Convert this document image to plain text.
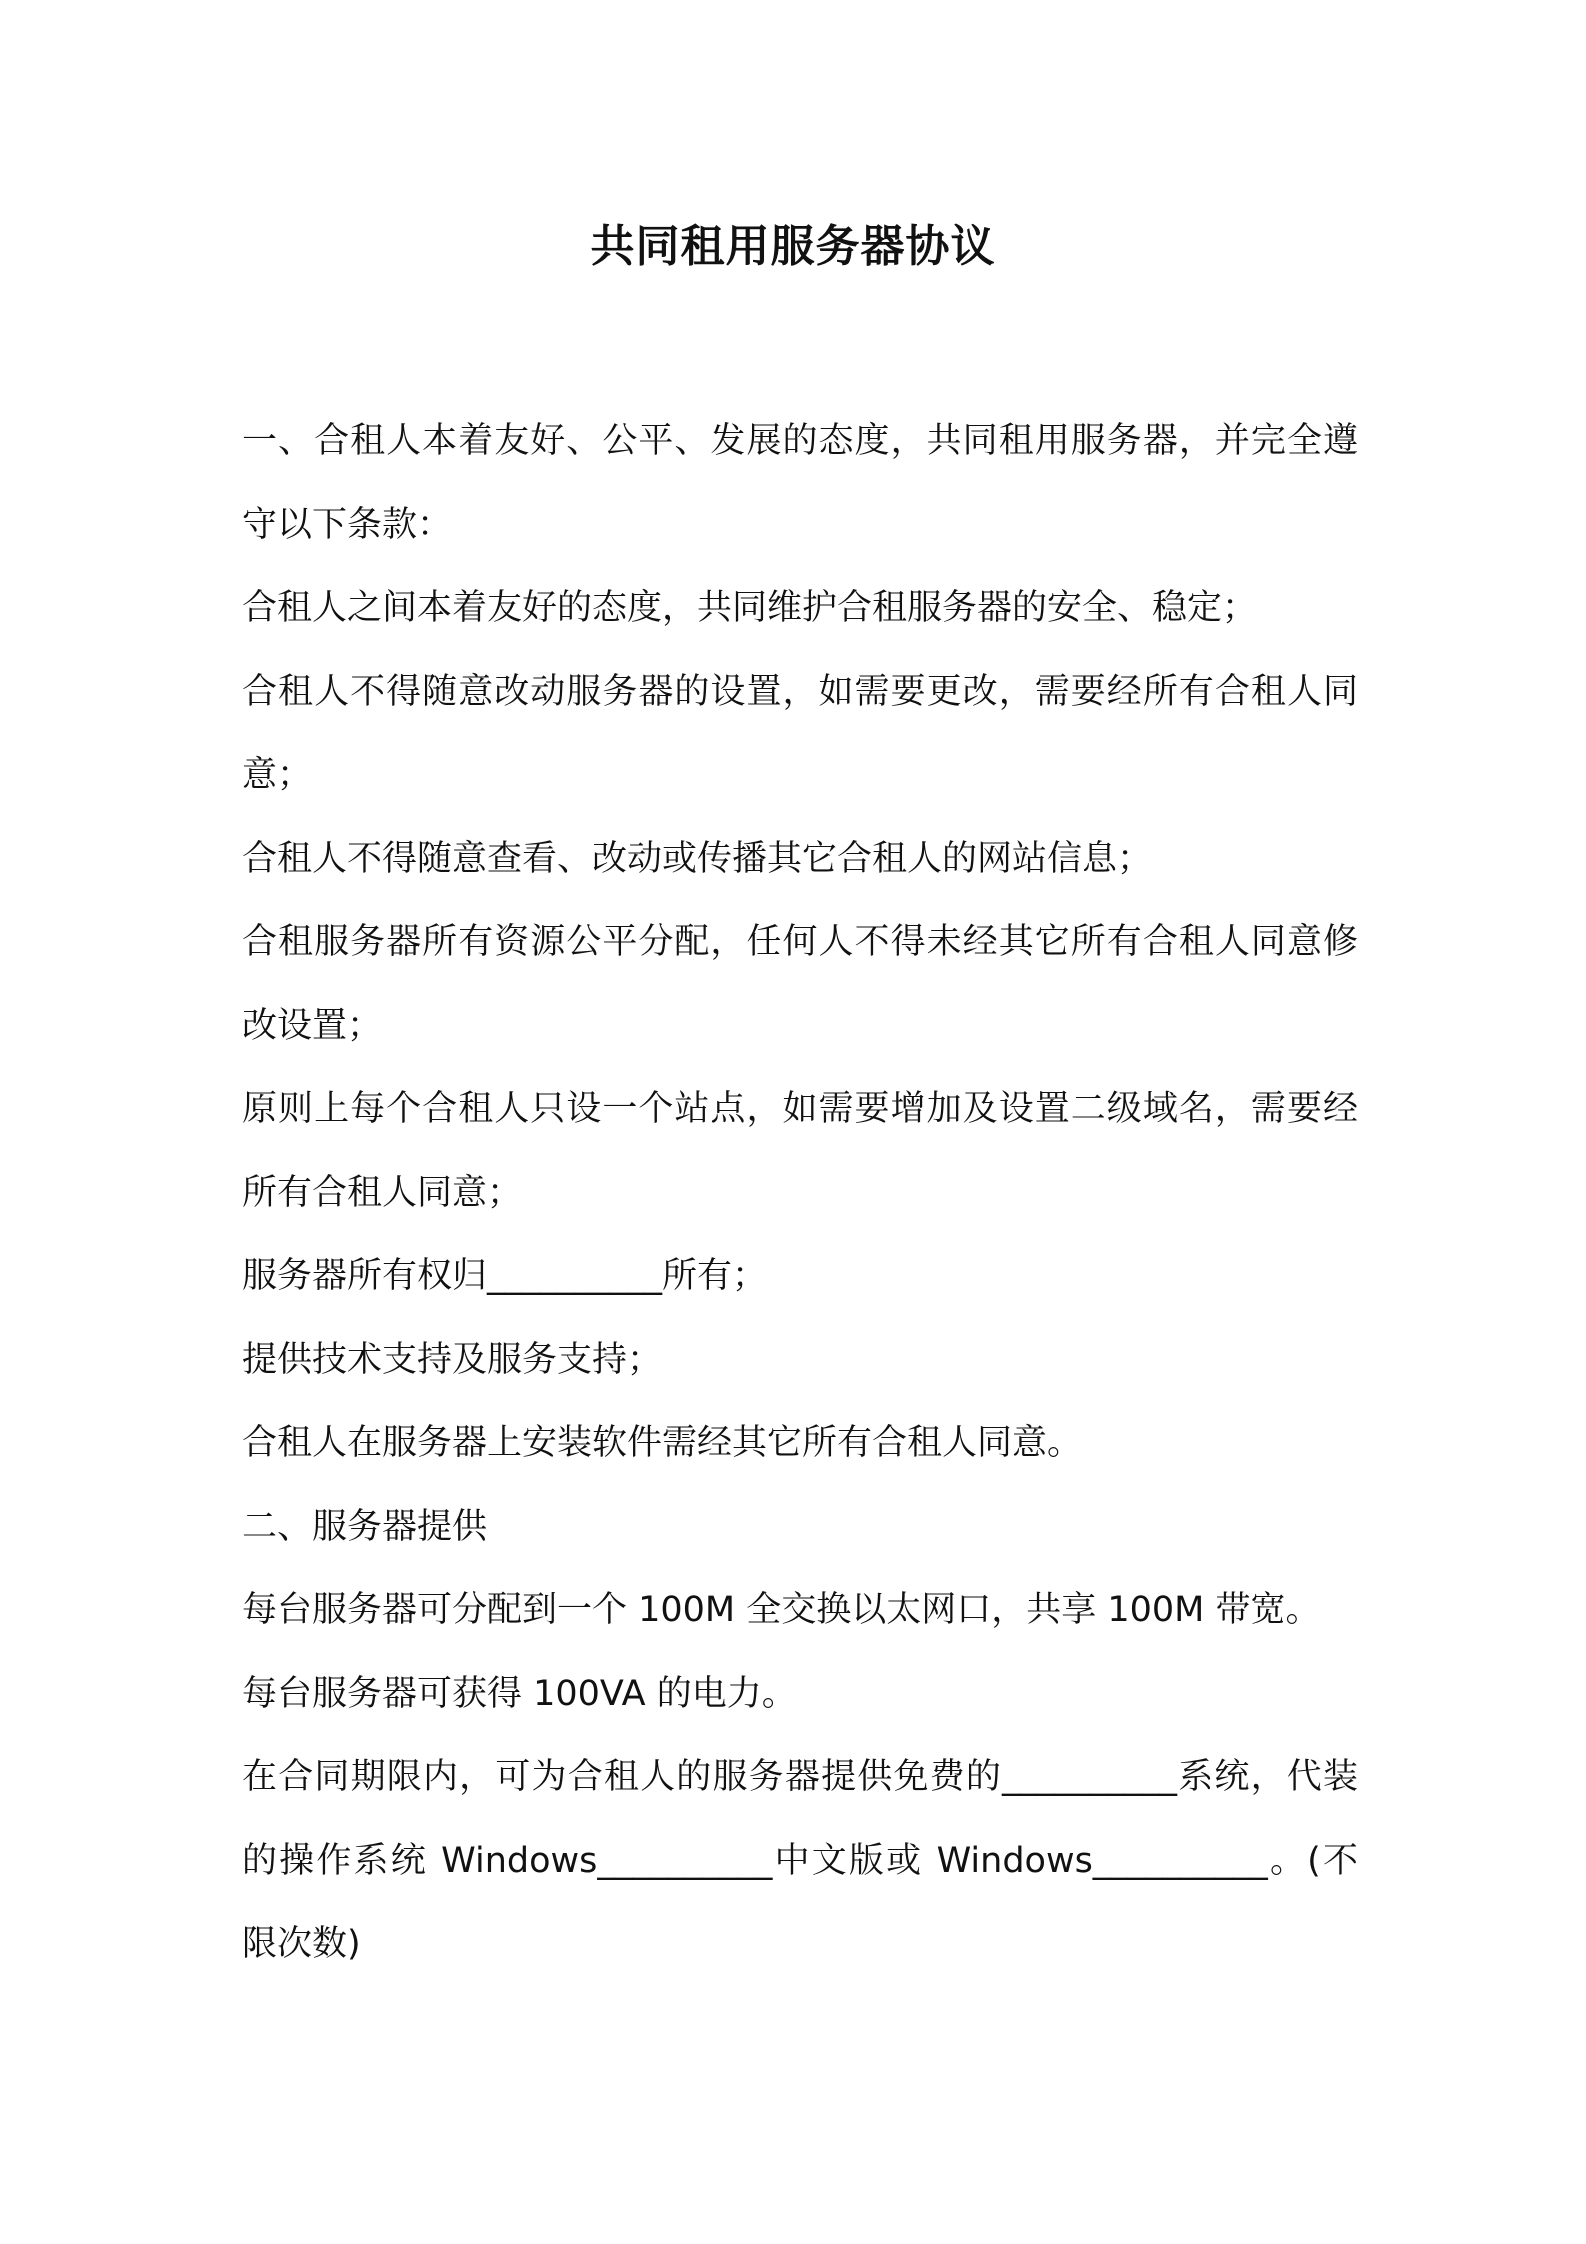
共同租用服务器协议

一、合租人本着友好、公平、发展的态度，共同租用服务器，并完全遵守以下条款：

合租人之间本着友好的态度，共同维护合租服务器的安全、稳定；

合租人不得随意改动服务器的设置，如需要更改，需要经所有合租人同意；

合租人不得随意查看、改动或传播其它合租人的网站信息；

合租服务器所有资源公平分配，任何人不得未经其它所有合租人同意修改设置；

原则上每个合租人只设一个站点，如需要增加及设置二级域名，需要经所有合租人同意；

服务器所有权归__________所有；

提供技术支持及服务支持；

合租人在服务器上安装软件需经其它所有合租人同意。

二、服务器提供

每台服务器可分配到一个 100M 全交换以太网口，共享 100M 带宽。

每台服务器可获得 100VA 的电力。

在合同期限内，可为合租人的服务器提供免费的__________系统，代装的操作系统 Windows__________中文版或 Windows__________。(不限次数)
